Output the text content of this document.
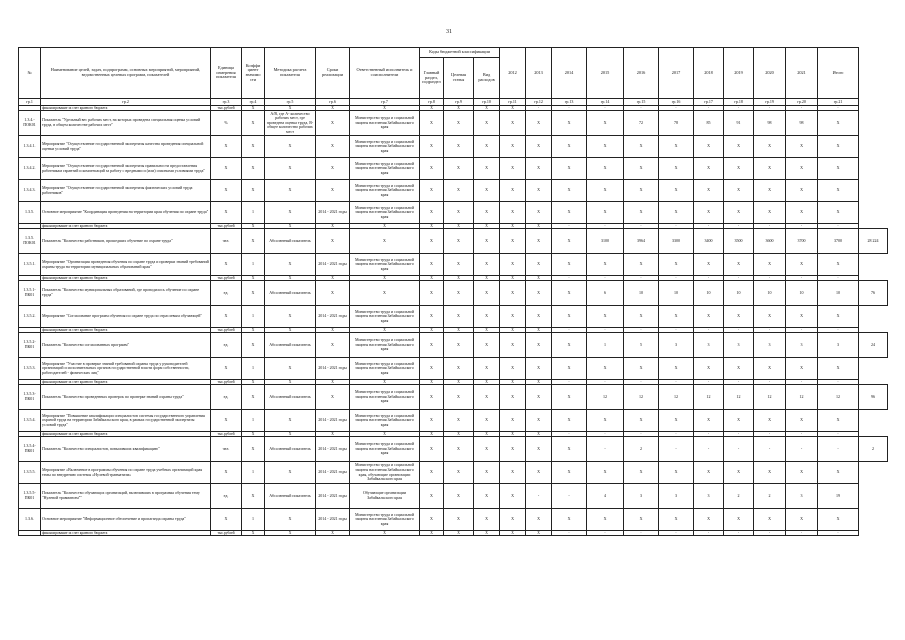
31
№	Наименование целей, задач, подпрограмм, основных мероприятий, мероприятий, ведомственных целевых программ, показателей	Единица измерения показателя	Коэффи циент значимо сти	Методика расчета показателя	Сроки реализации	Ответственный исполнитель и соисполнители	Коды бюджетной классификации			2012	2013	2014	2015	2016	2017	2018	2019	2020	2021	Итого	
							Главный раздел, подраздел	Целевая статья	Вид расходов												
гр.1	гр.2	гр.3	гр.4	гр.5	гр.6	гр.7	гр.8	гр.9	гр.10	гр.11	гр.12	гр.13	гр.14	гр.15	гр.16	гр.17	гр.18	гр.19	гр.20	гр.21	
	финансирование за счет краевого бюджета	тыс.рублей	X	X	X	X	X	X	X	X	-	-	-	-	-	-	-	-	-	-	
1.3.4.- ПОК01	Показатель "Удельный вес рабочих мест, на которых проведена специальная оценка условий труда, в общем количестве рабочих мест"	%	X	A/B, где A- количество рабочих мест, где проведена оценка труда, B- общее количество рабочих мест	X	Министерство труда и социальной защиты населения Забайкальского края	X	X	X	X	X	X	X	72	78	85	91	98	98	X	
1.3.4.1.	Мероприятие "Осуществление государственной экспертизы качества проведения специальной оценки условий труда"	X	X	X	X	Министерство труда и социальной защиты населения Забайкальского края	X	X	X	X	X	X	X	X	X	X	X	X	X	X	
1.3.4.2.	Мероприятие "Осуществление государственной экспертизы правильности предоставления работникам гарантий и компенсаций за работу с вредными и (или) опасными условиями труда"	X	X	X	X	Министерство труда и социальной защиты населения Забайкальского края	X	X	X	X	X	X	X	X	X	X	X	X	X	X	
1.3.4.3.	Мероприятие "Осуществление государственной экспертизы фактических условий труда работников"	X	X	X	X	Министерство труда и социальной защиты населения Забайкальского края	X	X	X	X	X	X	X	X	X	X	X	X	X	X	
1.3.5.	Основное мероприятие "Координация проведения на территории края обучения по охране труда"	X	1	X	2014 - 2021 годы	Министерство труда и социальной защиты населения Забайкальского края	X	X	X	X	X	X	X	X	X	X	X	X	X	X	
	финансирование за счет краевого бюджета	тыс.рублей	X	X	X	X	X	X	X	X	X	-	-	-	-	-	-	-	-	-	
1.3.5. ПОК01	Показатель "Количество работников, прошедших обучение по охране труда"	чел.	X	Абсолютный показатель	X	X	X	X	X	X	X	X	3100	3964	3300	3400	3500	3600	3700	3700	28 224
1.3.5.1.	Мероприятие "Организация проведения обучения по охране труда и проверки знаний требований охраны труда на территории муниципальных образований края"	X	1	X	2014 - 2021 годы	Министерство труда и социальной защиты населения Забайкальского края	X	X	X	X	X	X	X	X	X	X	X	X	X	X	
	финансирование за счет краевого бюджета	тыс.рублей	X	X	X	X	X	X	X	X	X	-	-	-	-	-	-	-	-	-	
1.3.5.1- ПК01	Показатель "Количество муниципальных образований, где проводилось обучение по охране труда"	ед.	X	Абсолютный показатель	X	X	X	X	X	X	X	X	6	10	10	10	10	10	10	10	76
1.3.5.2.	Мероприятие "Согласование программ обучения по охране труда по отраслевым обучающей"	X	1	X	2014 - 2021 годы	Министерство труда и социальной защиты населения Забайкальского края	X	X	X	X	X	X	X	X	X	X	X	X	X	X	
	финансирование за счет краевого бюджета	тыс.рублей	X	X	X	X	X	X	X	X	X	-	-	-	-	-	-	-	-	-	
1.3.5.2- ПК01	Показатель "Количество согласованных программ"	ед.	X	Абсолютный показатель	X	Министерство труда и социальной защиты населения Забайкальского края	X	X	X	X	X	X	1	5	3	3	3	3	3	3	24
1.3.5.3.	Мероприятие "Участие в проверке знаний требований охраны труда у руководителей организаций и исполнительных органов государственной власти форм собственности, работодателей - физических лиц"	X	1	X	2014 - 2021 годы	Министерство труда и социальной защиты населения Забайкальского края	X	X	X	X	X	X	X	X	X	X	X	X	X	X	
	финансирование за счет краевого бюджета	тыс.рублей	X	X	X	X	X	X	X	X	X	-	-	-	-	-	-	-	-	-	
1.3.5.3- ПК01	Показатель "Количество проведенных проверок по проверке знаний охраны труда"	ед.	X	Абсолютный показатель	X	Министерство труда и социальной защиты населения Забайкальского края	X	X	X	X	X	X	12	12	12	12	12	12	12	12	96
1.3.5.4.	Мероприятие "Повышение квалификации специалистов системы государственного управления охраной труда на территории Забайкальского края, в рамках государственной экспертизы условий труда"	X	1	X	2014 - 2021 годы	Министерство труда и социальной защиты населения Забайкальского края	X	X	X	X	X	X	X	X	X	X	X	X	X	X	
	финансирование за счет краевого бюджета	тыс.рублей	X	X	X	X	X	X	X	X	X	-	-	-	-	-	-	-	-	-	
1.3.5.4- ПК01	Показатель "Количество специалистов, повысивших квалификацию"	чел.	X	Абсолютный показатель	2014 - 2021 годы	Министерство труда и социальной защиты населения Забайкальского края	X	X	X	X	X	X	-	2	-	-	-	-	-	-	2
1.3.5.5.	Мероприятие «Включение в программы обучения по охране труда учебных организаций края темы по внедрению системы «Нулевой травматизм»	X	1	X	2014 - 2021 годы	Министерство труда и социальной защиты населения Забайкальского края, обучающие организации Забайкальского края	X	X	X	X	X	X	X	X	X	X	X	X	X	X	
1.3.5.5- ПК01	Показатель "Количество обучающих организаций, включивших в программы обучения тему "Нулевой травматизм""	ед.	X	Абсолютный показатель	2014 - 2021 годы	Обучающие организации Забайкальского края	X	X	X	X	-	-	4	3	3	3	2	2	3	19	
1.3.6.	Основное мероприятие "Информационное обеспечение и пропаганда охраны труда"	X	1	X	2014 - 2021 годы	Министерство труда и социальной защиты населения Забайкальского края	X	X	X	X	X	X	X	X	X	X	X	X	X	X	
	финансирование за счет краевого бюджета	тыс.рублей	X	X	X	X	X	X	X	X	X	-	-	-	-	-	-	-	-	-	
